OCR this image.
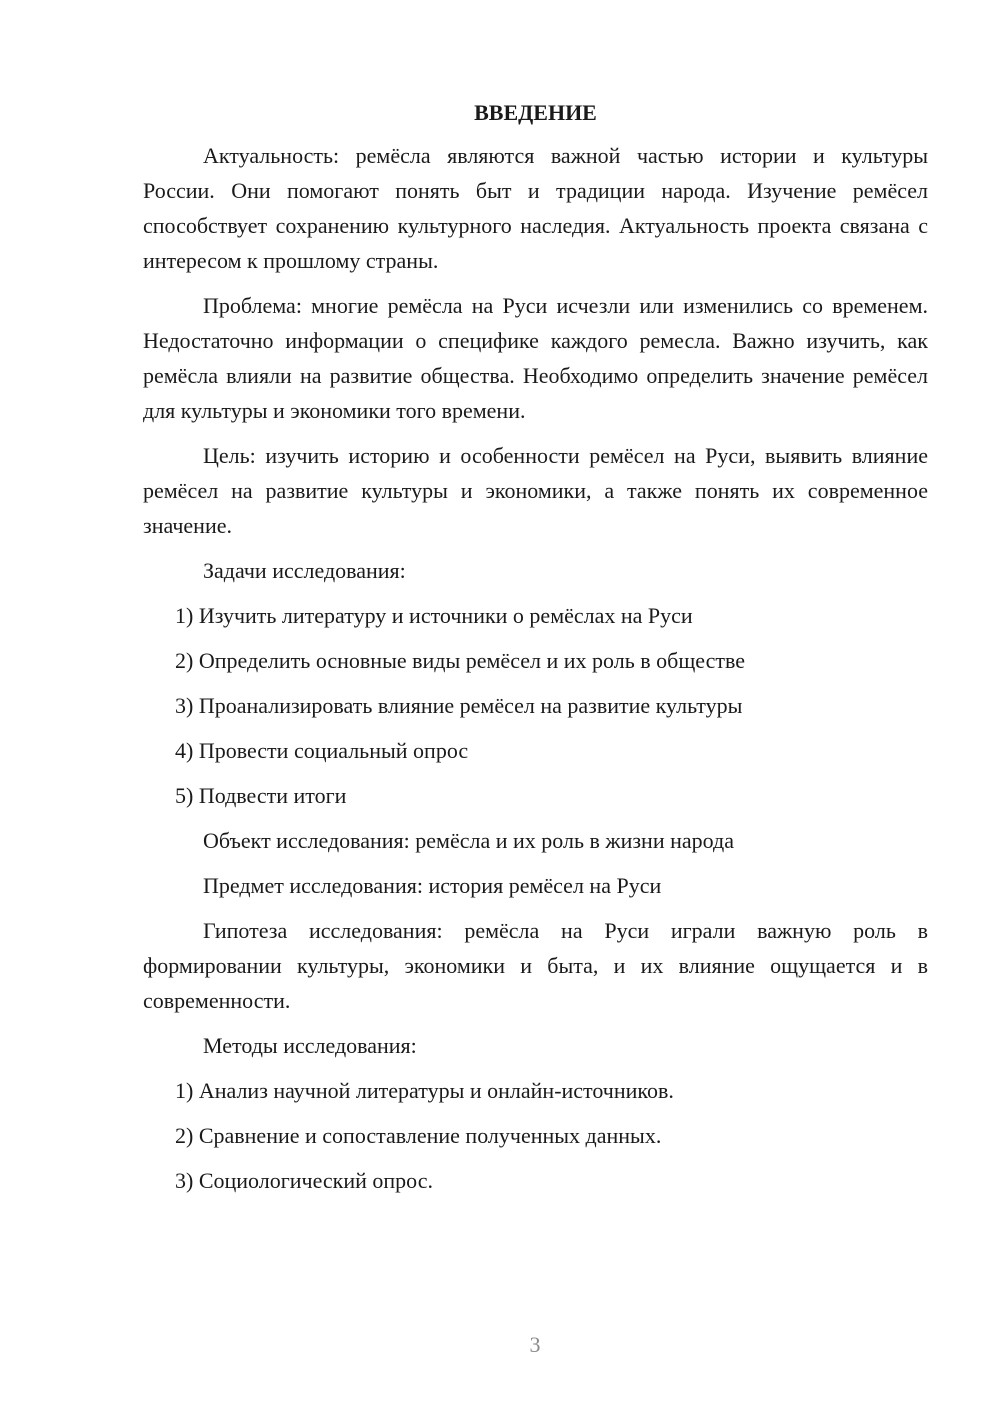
ВВЕДЕНИЕ

Актуальность: ремёсла являются важной частью истории и культуры России. Они помогают понять быт и традиции народа. Изучение ремёсел способствует сохранению культурного наследия. Актуальность проекта связана с интересом к прошлому страны.

Проблема: многие ремёсла на Руси исчезли или изменились со временем. Недостаточно информации о специфике каждого ремесла. Важно изучить, как ремёсла влияли на развитие общества. Необходимо определить значение ремёсел для культуры и экономики того времени.

Цель: изучить историю и особенности ремёсел на Руси, выявить влияние ремёсел на развитие культуры и экономики, а также понять их современное значение.

Задачи исследования:

1) Изучить литературу и источники о ремёслах на Руси
2) Определить основные виды ремёсел и их роль в обществе
3) Проанализировать влияние ремёсел на развитие культуры
4) Провести социальный опрос
5) Подвести итоги

Объект исследования: ремёсла и их роль в жизни народа

Предмет исследования: история ремёсел на Руси

Гипотеза исследования: ремёсла на Руси играли важную роль в формировании культуры, экономики и быта, и их влияние ощущается и в современности.

Методы исследования:

1) Анализ научной литературы и онлайн-источников.
2) Сравнение и сопоставление полученных данных.
3) Социологический опрос.
3
